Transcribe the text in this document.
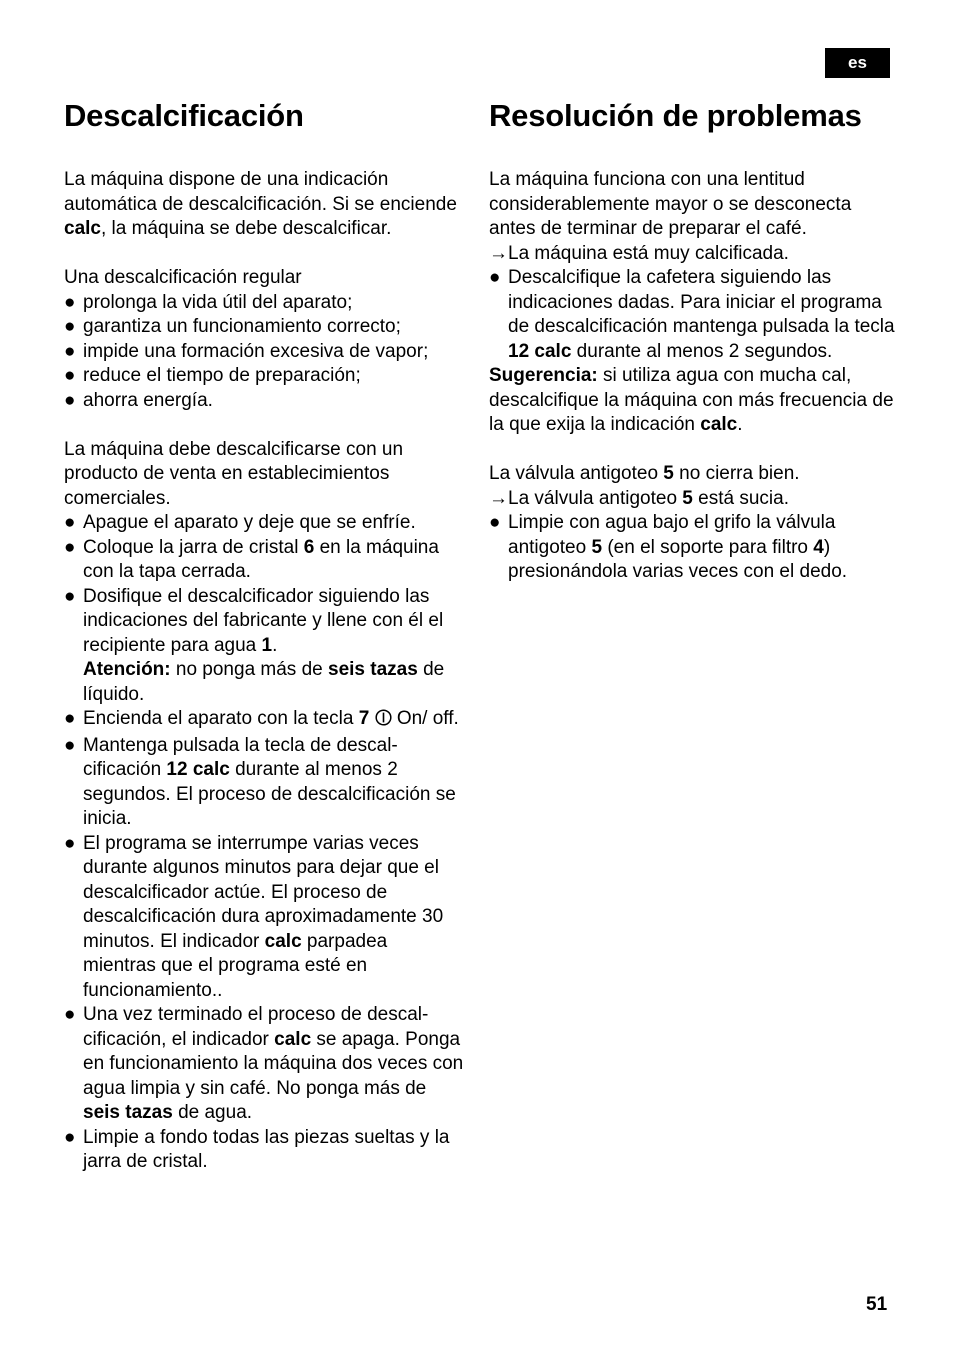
es
Descalcificación

La máquina dispone de una indicación automática de descalcificación. Si se enciende calc, la máquina se debe descalcificar.

Una descalcificación regular

● prolonga la vida útil del aparato;
● garantiza un funcionamiento correcto;
● impide una formación excesiva de vapor;
● reduce el tiempo de preparación;
● ahorra energía.

La máquina debe descalcificarse con un producto de venta en establecimientos comerciales.

● Apague el aparato y deje que se enfríe.
● Coloque la jarra de cristal 6 en la máquina con la tapa cerrada.
● Dosifique el descalcificador siguiendo las indicaciones del fabricante y llene con él el recipiente para agua 1.
Atención: no ponga más de seis tazas de líquido.
● Encienda el aparato con la tecla 7  On/ off.
● Mantenga pulsada la tecla de descal-cificación 12 calc durante al menos 2 segundos. El proceso de descalcificación se inicia.
● El programa se interrumpe varias veces durante algunos minutos para dejar que el descalcificador actúe. El proceso de descalcificación dura aproximadamente 30 minutos. El indicador calc parpadea mientras que el programa esté en funcionamiento..
● Una vez terminado el proceso de descal-cificación, el indicador calc se apaga. Ponga en funcionamiento la máquina dos veces con agua limpia y sin café. No ponga más de seis tazas de agua.
● Limpie a fondo todas las piezas sueltas y la jarra de cristal.
Resolución de problemas

La máquina funciona con una lentitud considerablemente mayor o se desconecta antes de terminar de preparar el café.

→ La máquina está muy calcificada.
● Descalcifique la cafetera siguiendo las indicaciones dadas. Para iniciar el programa de descalcificación mantenga pulsada la tecla 12 calc durante al menos 2 segundos.

Sugerencia: si utiliza agua con mucha cal, descalcifique la máquina con más frecuencia de la que exija la indicación calc.

La válvula antigoteo 5 no cierra bien.

→ La válvula antigoteo 5 está sucia.
● Limpie con agua bajo el grifo la válvula antigoteo 5 (en el soporte para filtro 4) presionándola varias veces con el dedo.
51
